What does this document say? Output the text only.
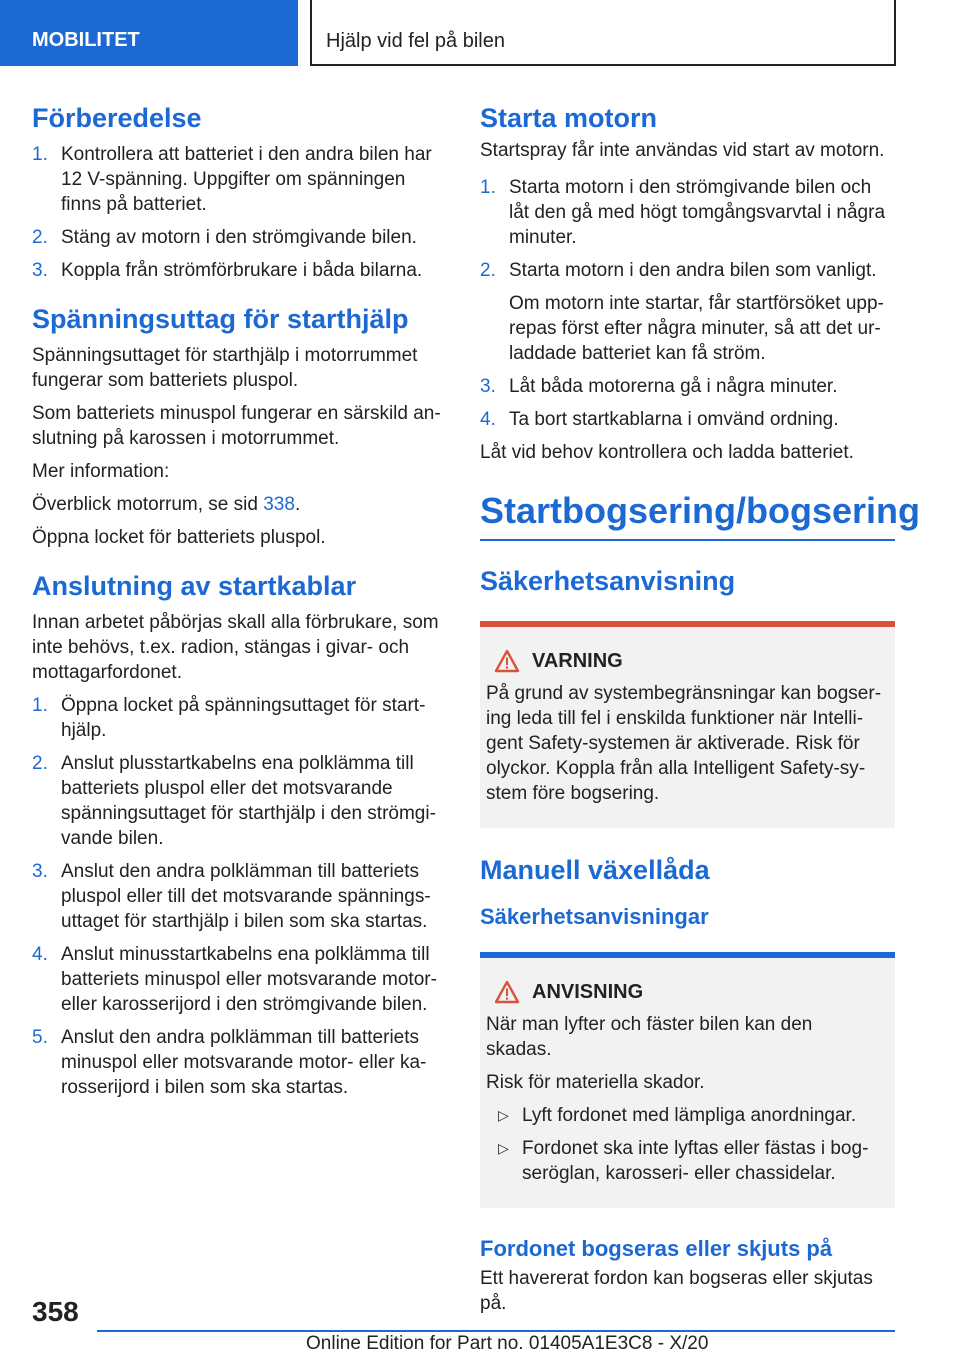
MOBILITET	Hjälp vid fel på bilen
Förberedelse
1. Kontrollera att batteriet i den andra bilen har 12 V-spänning. Uppgifter om spänningen finns på batteriet.
2. Stäng av motorn i den strömgivande bilen.
3. Koppla från strömförbrukare i båda bilarna.
Spänningsuttag för starthjälp

Spänningsuttaget för starthjälp i motorrummet fungerar som batteriets pluspol.

Som batteriets minuspol fungerar en särskild anslutning på karossen i motorrummet.

Mer information:

Överblick motorrum, se sid 338.

Öppna locket för batteriets pluspol.

Anslutning av startkablar

Innan arbetet påbörjas skall alla förbrukare, som inte behövs, t.ex. radion, stängas i givar- och mottagarfordonet.

1. Öppna locket på spänningsuttaget för starthjälp.
2. Anslut plusstartkabelns ena polklämma till batteriets pluspol eller det motsvarande spänningsuttaget för starthjälp i den strömgivande bilen.
3. Anslut den andra polklämman till batteriets pluspol eller till det motsvarande spänningsuttaget för starthjälp i bilen som ska startas.
4. Anslut minusstartkabelns ena polklämma till batteriets minuspol eller motsvarande motor- eller karosserijord i den strömgivande bilen.
5. Anslut den andra polklämman till batteriets minuspol eller motsvarande motor- eller karosserijord i bilen som ska startas.
Starta motorn

Startspray får inte användas vid start av motorn.

1. Starta motorn i den strömgivande bilen och låt den gå med högt tomgångsvarvtal i några minuter.
2. Starta motorn i den andra bilen som vanligt.
Om motorn inte startar, får startförsöket upprepas först efter några minuter, så att det urladdade batteriet kan få ström.
3. Låt båda motorerna gå i några minuter.
4. Ta bort startkablarna i omvänd ordning.

Låt vid behov kontrollera och ladda batteriet.

Startbogsering/bogsering
Säkerhetsanvisning
VARNING

På grund av systembegränsningar kan bogsering leda till fel i enskilda funktioner när Intelligent Safety-systemen är aktiverade. Risk för olyckor. Koppla från alla Intelligent Safety-system före bogsering.

Manuell växellåda
Säkerhetsanvisningar
ANVISNING

När man lyfter och fäster bilen kan den skadas.

Risk för materiella skador.

▷ Lyft fordonet med lämpliga anordningar.
▷ Fordonet ska inte lyftas eller fästas i bogseröglan, karosseri- eller chassidelar.
Fordonet bogseras eller skjuts på

Ett havererat fordon kan bogseras eller skjutas på.

358
Online Edition for Part no. 01405A1E3C8 - X/20
